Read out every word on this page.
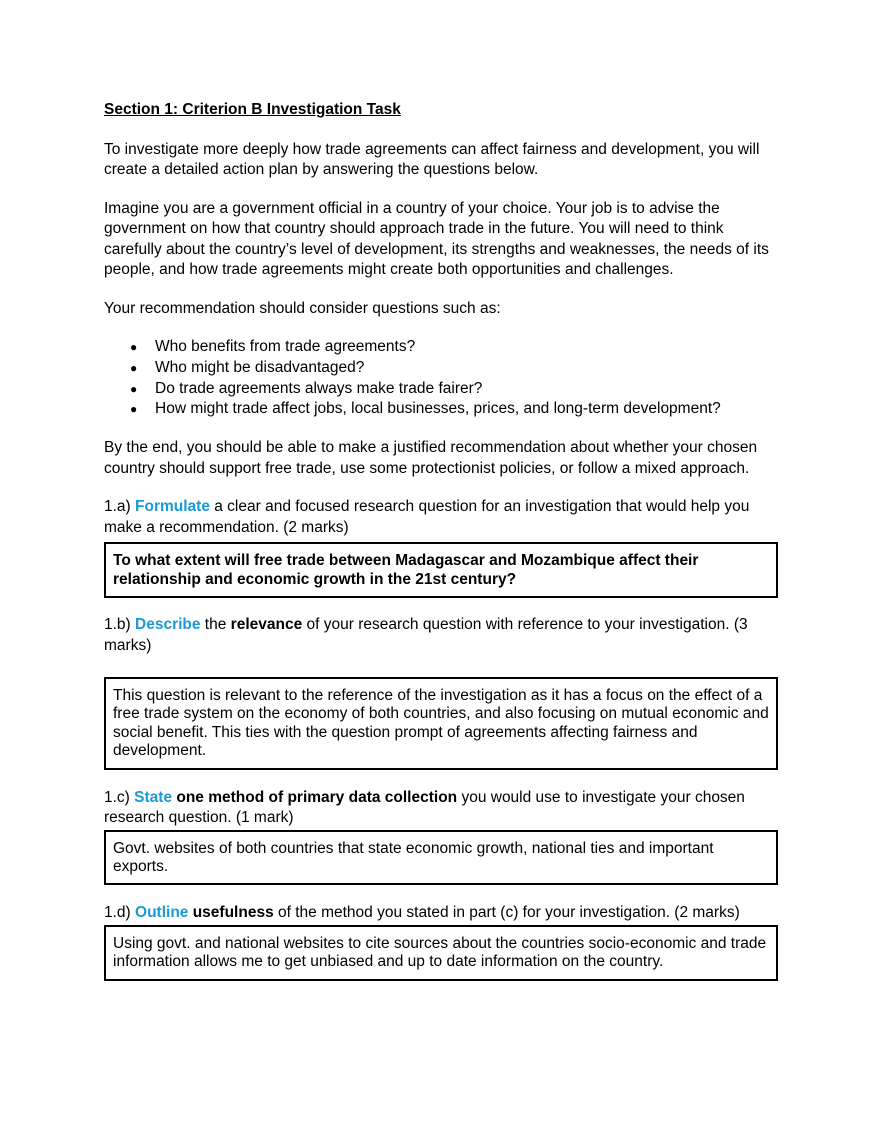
Section 1: Criterion B Investigation Task

To investigate more deeply how trade agreements can affect fairness and development, you will create a detailed action plan by answering the questions below.

Imagine you are a government official in a country of your choice. Your job is to advise the government on how that country should approach trade in the future. You will need to think carefully about the country’s level of development, its strengths and weaknesses, the needs of its people, and how trade agreements might create both opportunities and challenges.

Your recommendation should consider questions such as:

● Who benefits from trade agreements?
● Who might be disadvantaged?
● Do trade agreements always make trade fairer?
● How might trade affect jobs, local businesses, prices, and long-term development?

By the end, you should be able to make a justified recommendation about whether your chosen country should support free trade, use some protectionist policies, or follow a mixed approach.

1.a) Formulate a clear and focused research question for an investigation that would help you make a recommendation. (2 marks)

To what extent will free trade between Madagascar and Mozambique affect their relationship and economic growth in the 21st century?

1.b) Describe the relevance of your research question with reference to your investigation. (3 marks)

This question is relevant to the reference of the investigation as it has a focus on the effect of a free trade system on the economy of both countries, and also focusing on mutual economic and social benefit. This ties with the question prompt of agreements affecting fairness and development.

1.c) State one method of primary data collection you would use to investigate your chosen research question. (1 mark)

Govt. websites of both countries that state economic growth, national ties and important exports.

1.d) Outline usefulness of the method you stated in part (c) for your investigation. (2 marks)

Using govt. and national websites to cite sources about the countries socio-economic and trade information allows me to get unbiased and up to date information on the country.
